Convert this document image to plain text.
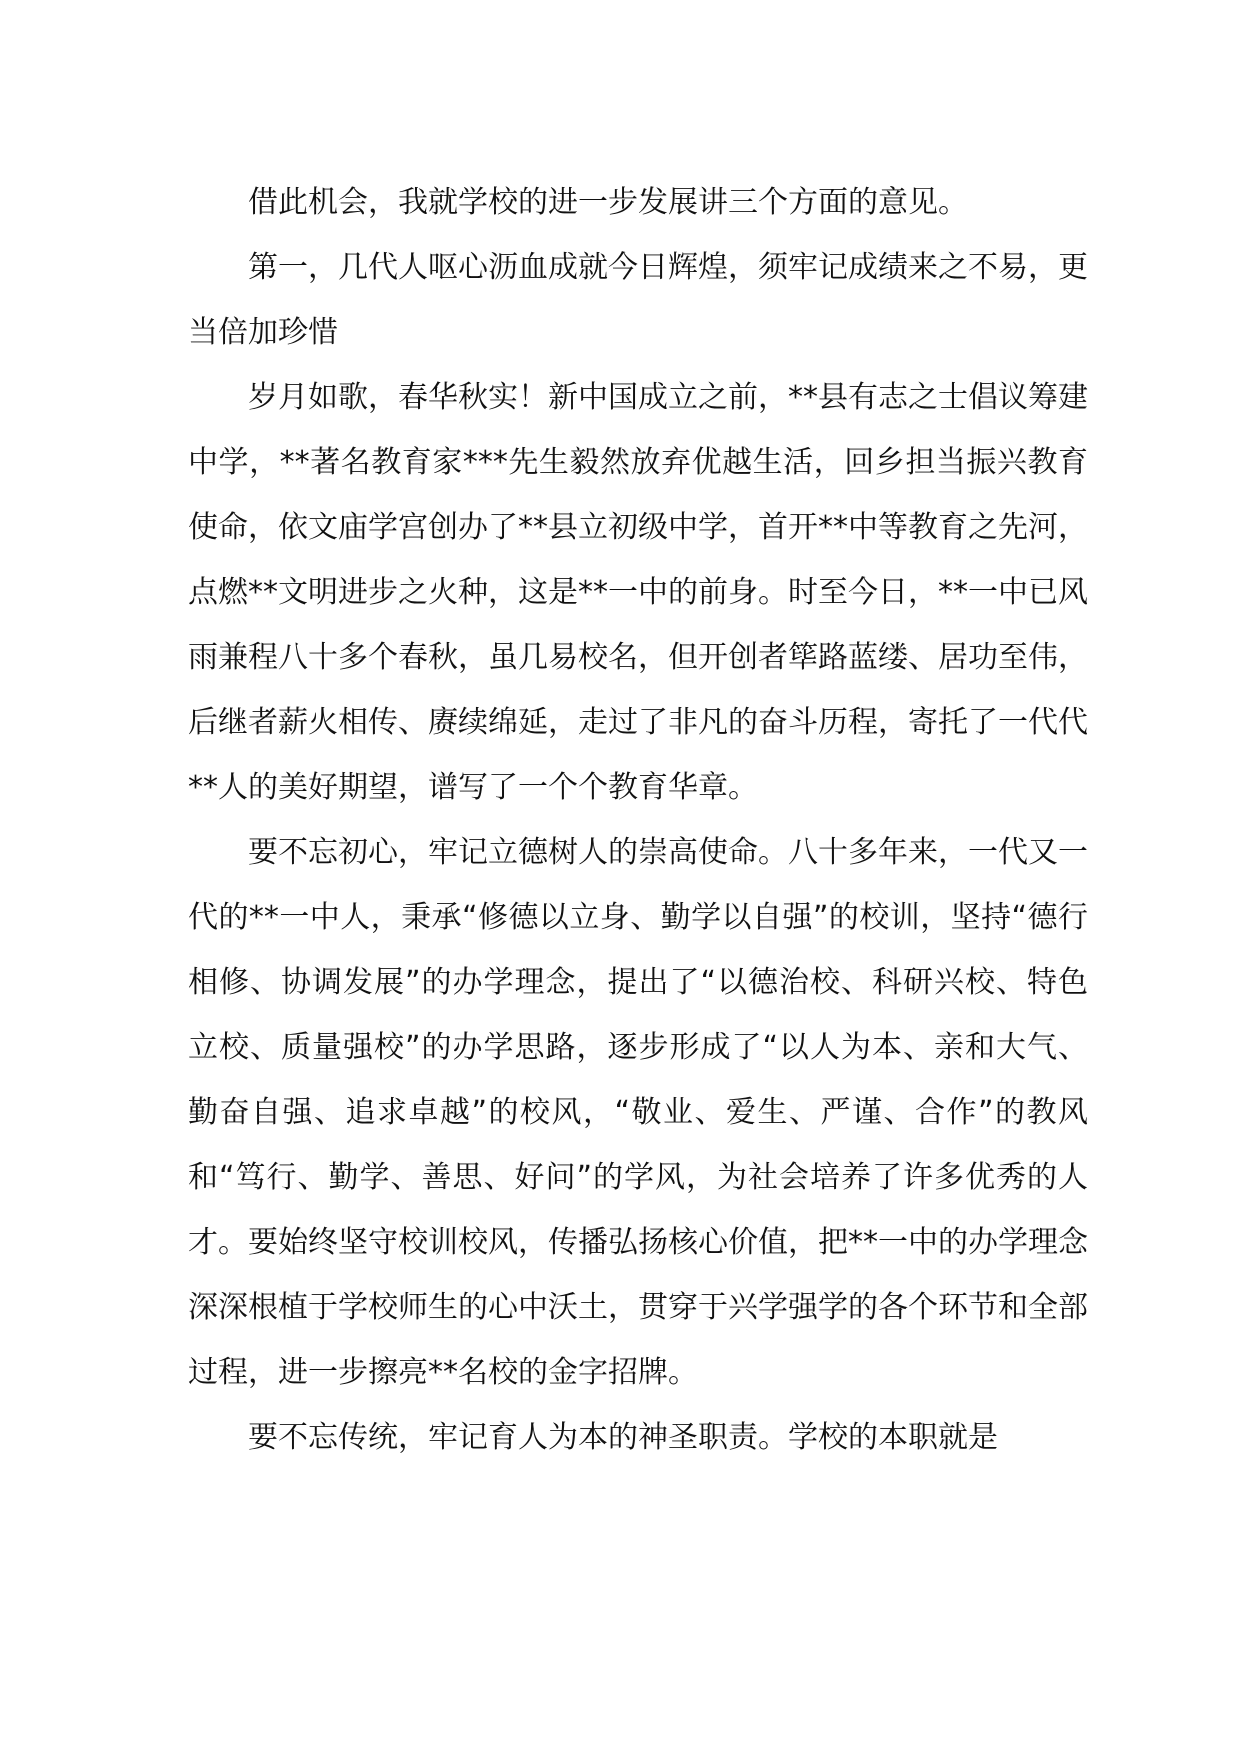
借此机会，我就学校的进一步发展讲三个方面的意见。

第一，几代人呕心沥血成就今日辉煌，须牢记成绩来之不易，更当倍加珍惜

岁月如歌，春华秋实！新中国成立之前，**县有志之士倡议筹建中学，**著名教育家***先生毅然放弃优越生活，回乡担当振兴教育使命，依文庙学宫创办了**县立初级中学，首开**中等教育之先河，点燃**文明进步之火种，这是**一中的前身。时至今日，**一中已风雨兼程八十多个春秋，虽几易校名，但开创者筚路蓝缕、居功至伟，后继者薪火相传、赓续绵延，走过了非凡的奋斗历程，寄托了一代代**人的美好期望，谱写了一个个教育华章。

要不忘初心，牢记立德树人的崇高使命。八十多年来，一代又一代的**一中人，秉承“修德以立身、勤学以自强”的校训，坚持“德行相修、协调发展”的办学理念，提出了“以德治校、科研兴校、特色立校、质量强校”的办学思路，逐步形成了“以人为本、亲和大气、勤奋自强、追求卓越”的校风，“敬业、爱生、严谨、合作”的教风和“笃行、勤学、善思、好问”的学风，为社会培养了许多优秀的人才。要始终坚守校训校风，传播弘扬核心价值，把**一中的办学理念深深根植于学校师生的心中沃土，贯穿于兴学强学的各个环节和全部过程，进一步擦亮**名校的金字招牌。

要不忘传统，牢记育人为本的神圣职责。学校的本职就是
